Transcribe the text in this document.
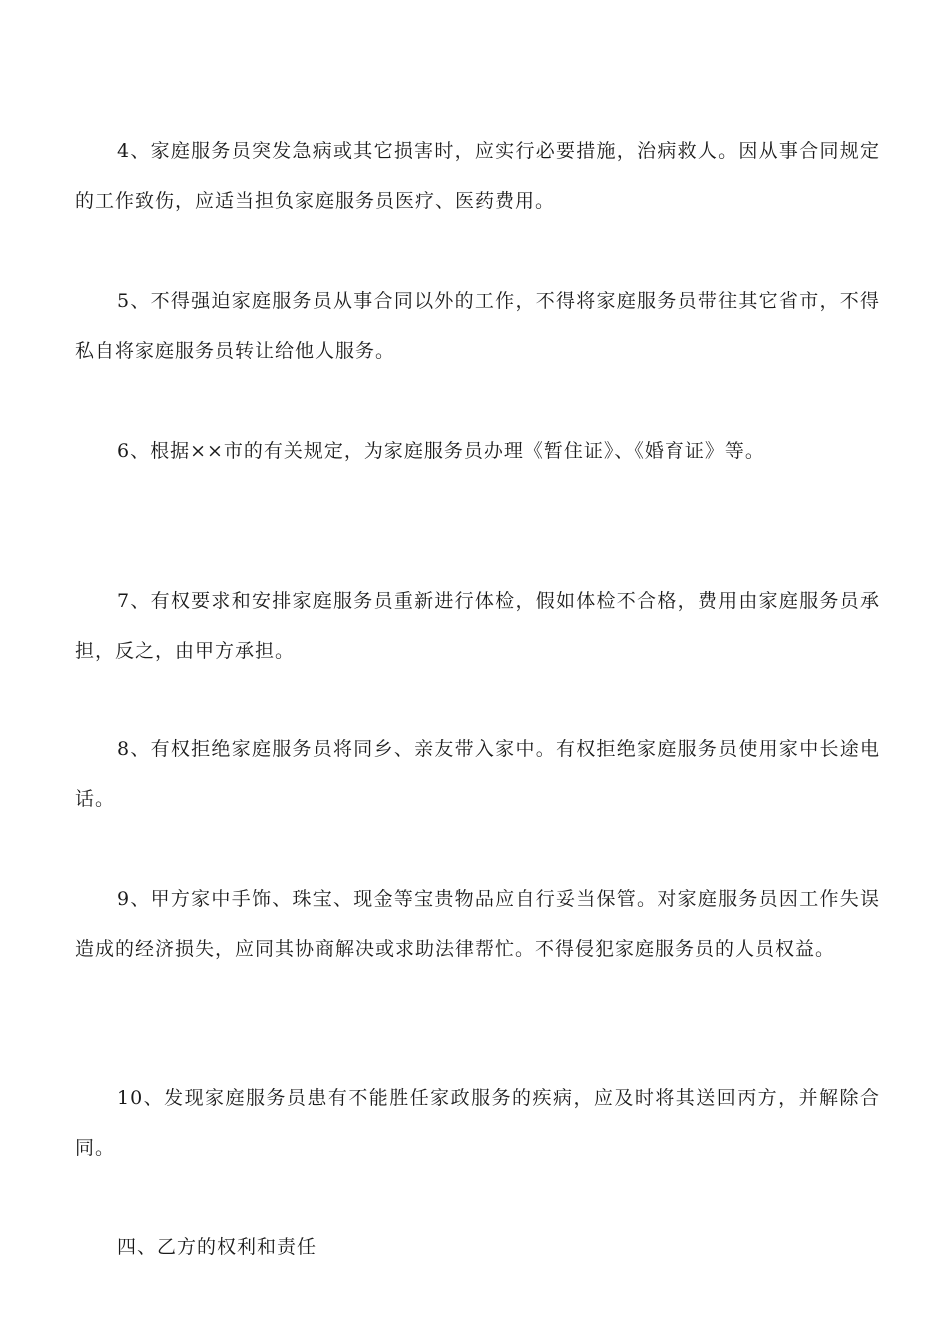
4、家庭服务员突发急病或其它损害时，应实行必要措施，治病救人。因从事合同规定的工作致伤，应适当担负家庭服务员医疗、医药费用。

5、不得强迫家庭服务员从事合同以外的工作，不得将家庭服务员带往其它省市，不得私自将家庭服务员转让给他人服务。

6、根据××市的有关规定，为家庭服务员办理《暂住证》、《婚育证》等。

7、有权要求和安排家庭服务员重新进行体检，假如体检不合格，费用由家庭服务员承担，反之，由甲方承担。

8、有权拒绝家庭服务员将同乡、亲友带入家中。有权拒绝家庭服务员使用家中长途电话。

9、甲方家中手饰、珠宝、现金等宝贵物品应自行妥当保管。对家庭服务员因工作失误造成的经济损失，应同其协商解决或求助法律帮忙。不得侵犯家庭服务员的人员权益。

10、发现家庭服务员患有不能胜任家政服务的疾病，应及时将其送回丙方，并解除合同。

四、乙方的权利和责任
